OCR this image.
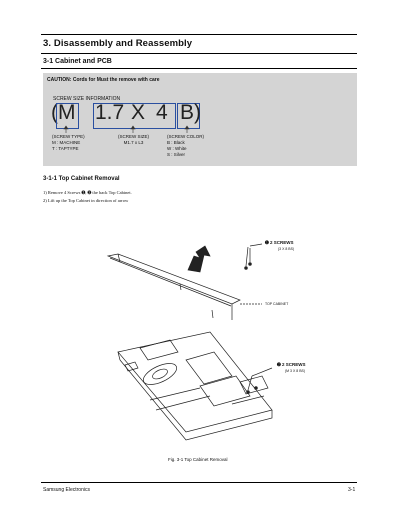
3. Disassembly and Reassembly
3-1 Cabinet and PCB
CAUTION: Cords for Must the remove with care
SCREW SIZE INFORMATION
(M 1.7 X 4 B)
(SCREW TYPE)
M : MACHINE
T : TAPTYPE
(SCREW SIZE)
M1.7 x L3
(SCREW COLOR)
B : Black
W : White
S : Silver
3-1-1 Top Cabinet Removal
1) Remove 4 Screws ➊, ➋ the back Top Cabinet.
2) Lift up the Top Cabinet in direction of arrow
➊ 2 SCREWS
(3 X 8 BS)
TOP CABINET
➋ 2 SCREWS
(M 3 X 8 BS)
Fig. 3-1 Top Cabinet Removal
Samsung Electronics	3-1
